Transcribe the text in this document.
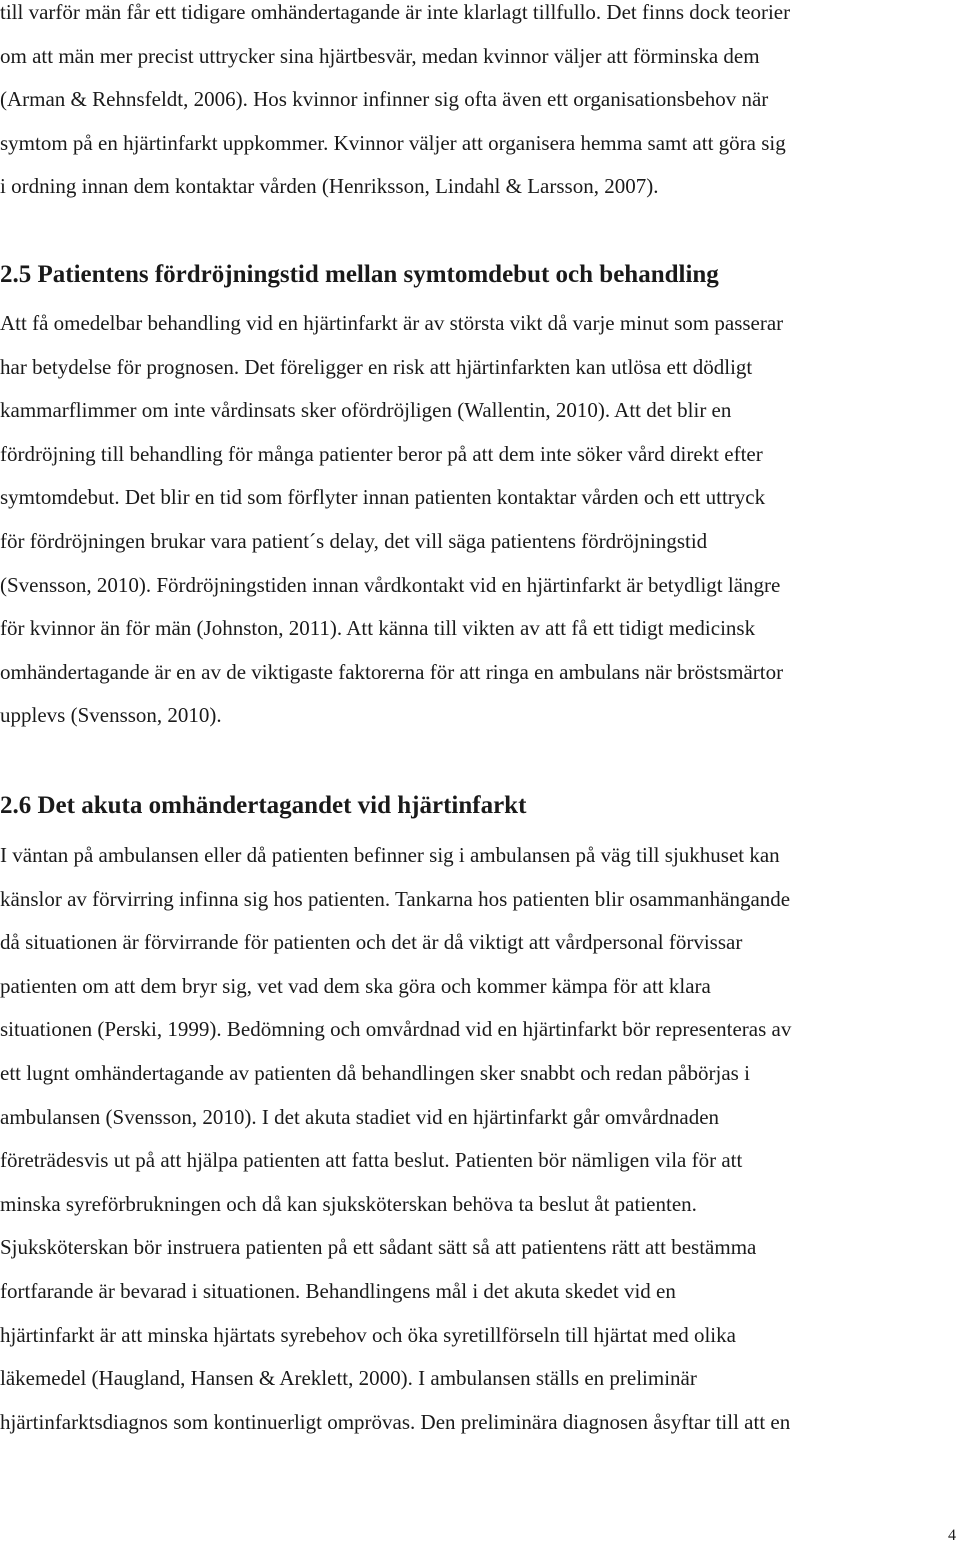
till varför män får ett tidigare omhändertagande är inte klarlagt tillfullo. Det finns dock teorier
om att män mer precist uttrycker sina hjärtbesvär, medan kvinnor väljer att förminska dem
(Arman & Rehnsfeldt, 2006). Hos kvinnor infinner sig ofta även ett organisationsbehov när
symtom på en hjärtinfarkt uppkommer. Kvinnor väljer att organisera hemma samt att göra sig
i ordning innan dem kontaktar vården (Henriksson, Lindahl & Larsson, 2007).
2.5 Patientens fördröjningstid mellan symtomdebut och behandling
Att få omedelbar behandling vid en hjärtinfarkt är av största vikt då varje minut som passerar
har betydelse för prognosen. Det föreligger en risk att hjärtinfarkten kan utlösa ett dödligt
kammarflimmer om inte vårdinsats sker ofördröjligen (Wallentin, 2010). Att det blir en
fördröjning till behandling för många patienter beror på att dem inte söker vård direkt efter
symtomdebut. Det blir en tid som förflyter innan patienten kontaktar vården och ett uttryck
för fördröjningen brukar vara patient´s delay, det vill säga patientens fördröjningstid
(Svensson, 2010). Fördröjningstiden innan vårdkontakt vid en hjärtinfarkt är betydligt längre
för kvinnor än för män (Johnston, 2011). Att känna till vikten av att få ett tidigt medicinsk
omhändertagande är en av de viktigaste faktorerna för att ringa en ambulans när bröstsmärtor
upplevs (Svensson, 2010).
2.6 Det akuta omhändertagandet vid hjärtinfarkt
I väntan på ambulansen eller då patienten befinner sig i ambulansen på väg till sjukhuset kan
känslor av förvirring infinna sig hos patienten. Tankarna hos patienten blir osammanhängande
då situationen är förvirrande för patienten och det är då viktigt att vårdpersonal förvissar
patienten om att dem bryr sig, vet vad dem ska göra och kommer kämpa för att klara
situationen (Perski, 1999). Bedömning och omvårdnad vid en hjärtinfarkt bör representeras av
ett lugnt omhändertagande av patienten då behandlingen sker snabbt och redan påbörjas i
ambulansen (Svensson, 2010). I det akuta stadiet vid en hjärtinfarkt går omvårdnaden
företrädesvis ut på att hjälpa patienten att fatta beslut. Patienten bör nämligen vila för att
minska syreförbrukningen och då kan sjuksköterskan behöva ta beslut åt patienten.
Sjuksköterskan bör instruera patienten på ett sådant sätt så att patientens rätt att bestämma
fortfarande är bevarad i situationen. Behandlingens mål i det akuta skedet vid en
hjärtinfarkt är att minska hjärtats syrebehov och öka syretillförseln till hjärtat med olika
läkemedel (Haugland, Hansen & Areklett, 2000). I ambulansen ställs en preliminär
hjärtinfarktsdiagnos som kontinuerligt omprövas. Den preliminära diagnosen åsyftar till att en
4
